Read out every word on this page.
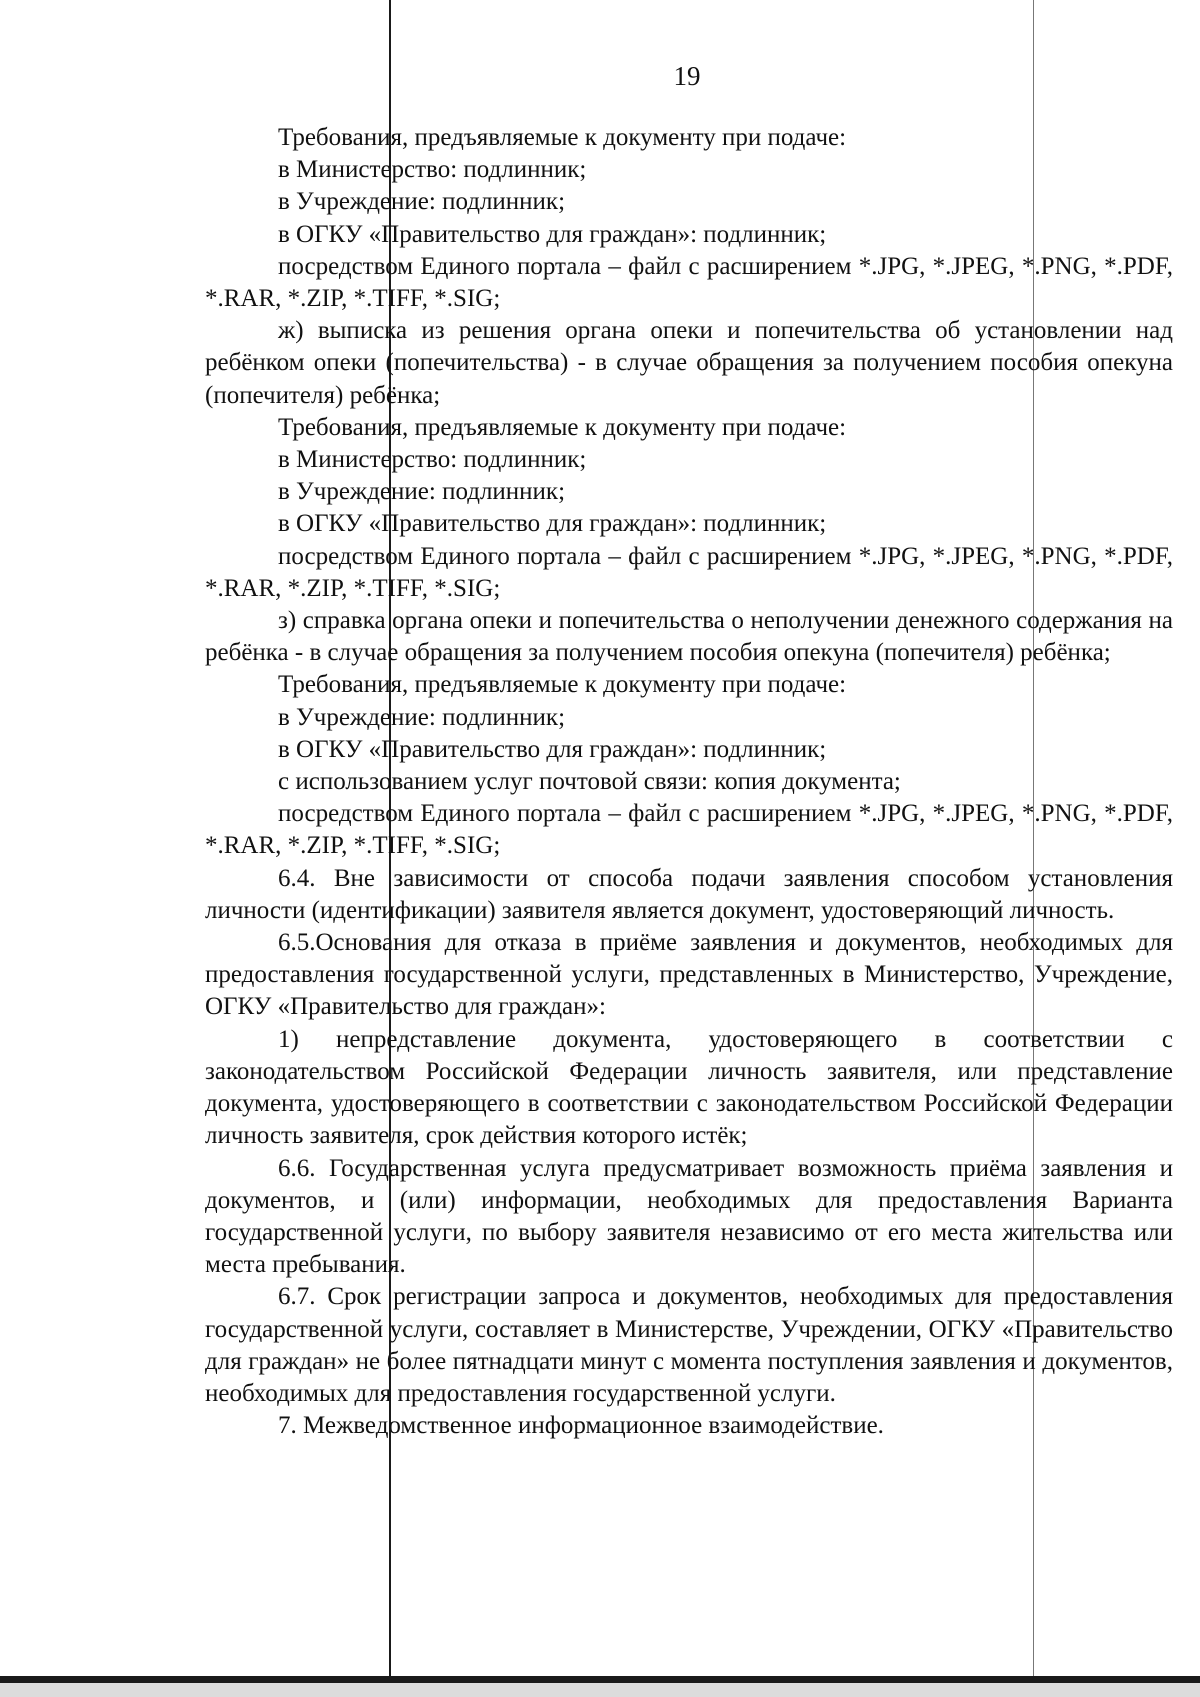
19

Требования, предъявляемые к документу при подаче:

в Министерство: подлинник;

в Учреждение: подлинник;

в ОГКУ «Правительство для граждан»: подлинник;

посредством Единого портала – файл с расширением *.JPG, *.JPEG, *.PNG, *.PDF, *.RAR, *.ZIP, *.TIFF, *.SIG;

ж) выписка из решения органа опеки и попечительства об установлении над ребёнком опеки (попечительства) - в случае обращения за получением пособия опекуна (попечителя) ребёнка;

Требования, предъявляемые к документу при подаче:

в Министерство: подлинник;

в Учреждение: подлинник;

в ОГКУ «Правительство для граждан»: подлинник;

посредством Единого портала – файл с расширением *.JPG, *.JPEG, *.PNG, *.PDF, *.RAR, *.ZIP, *.TIFF, *.SIG;

з) справка органа опеки и попечительства о неполучении денежного содержания на ребёнка - в случае обращения за получением пособия опекуна (попечителя) ребёнка;

Требования, предъявляемые к документу при подаче:

в Учреждение: подлинник;

в ОГКУ «Правительство для граждан»: подлинник;

с использованием услуг почтовой связи: копия документа;

посредством Единого портала – файл с расширением *.JPG, *.JPEG, *.PNG, *.PDF, *.RAR, *.ZIP, *.TIFF, *.SIG;

6.4. Вне зависимости от способа подачи заявления способом установления личности (идентификации) заявителя является документ, удостоверяющий личность.

6.5.Основания для отказа в приёме заявления и документов, необходимых для предоставления государственной услуги, представленных в Министерство, Учреждение, ОГКУ «Правительство для граждан»:

1) непредставление документа, удостоверяющего в соответствии с законодательством Российской Федерации личность заявителя, или представление документа, удостоверяющего в соответствии с законодательством Российской Федерации личность заявителя, срок действия которого истёк;

6.6. Государственная услуга предусматривает возможность приёма заявления и документов, и (или) информации, необходимых для предоставления Варианта государственной услуги, по выбору заявителя независимо от его места жительства или места пребывания.

6.7. Срок регистрации запроса и документов, необходимых для предоставления государственной услуги, составляет в Министерстве, Учреждении, ОГКУ «Правительство для граждан» не более пятнадцати минут с момента поступления заявления и документов, необходимых для предоставления государственной услуги.

7. Межведомственное информационное взаимодействие.
